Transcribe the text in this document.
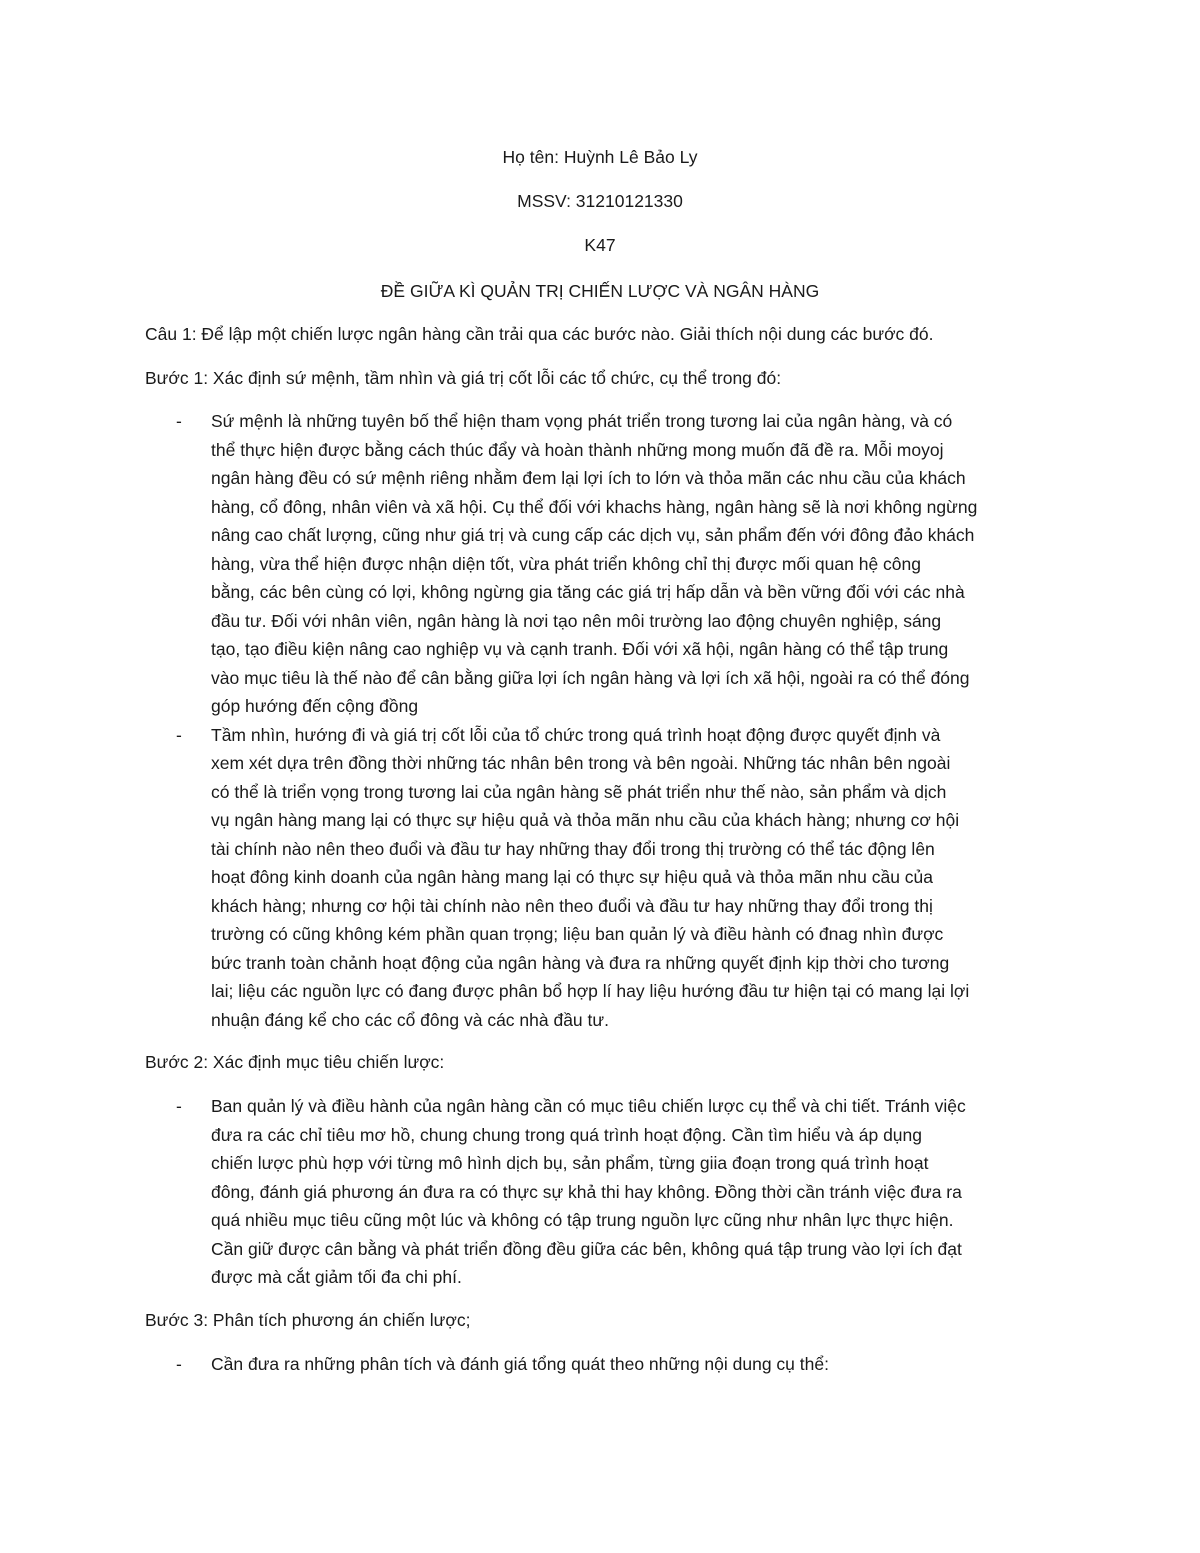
Họ tên: Huỳnh Lê Bảo Ly
MSSV: 31210121330
K47
ĐỀ GIỮA KÌ QUẢN TRỊ CHIẾN LƯỢC VÀ NGÂN HÀNG
Câu 1: Để lập một chiến lược ngân hàng cần trải qua các bước nào. Giải thích nội dung các bước đó.
Bước 1: Xác định sứ mệnh, tầm nhìn và giá trị cốt lỗi các tổ chức, cụ thể trong đó:
- Sứ mệnh là những tuyên bố thể hiện tham vọng phát triển trong tương lai của ngân hàng, và có
thể thực hiện được bằng cách thúc đẩy và hoàn thành những mong muốn đã đề ra. Mỗi moyoj
ngân hàng đều có sứ mệnh riêng nhằm đem lại lợi ích to lớn và thỏa mãn các nhu cầu của khách
hàng, cổ đông, nhân viên và xã hội. Cụ thể đối với khachs hàng, ngân hàng sẽ là nơi không ngừng
nâng cao chất lượng, cũng như giá trị và cung cấp các dịch vụ, sản phẩm đến với đông đảo khách
hàng, vừa thể hiện được nhận diện tốt, vừa phát triển không chỉ thị được mối quan hệ công
bằng, các bên cùng có lợi, không ngừng gia tăng các giá trị hấp dẫn và bền vững đối với các nhà
đầu tư. Đối với nhân viên, ngân hàng là nơi tạo nên môi trường lao động chuyên nghiệp, sáng
tạo, tạo điều kiện nâng cao nghiệp vụ và cạnh tranh. Đối với xã hội, ngân hàng có thể tập trung
vào mục tiêu là thế nào để cân bằng giữa lợi ích ngân hàng và lợi ích xã hội, ngoài ra có thể đóng
góp hướng đến cộng đồng
- Tầm nhìn, hướng đi và giá trị cốt lỗi của tổ chức trong quá trình hoạt động được quyết định và
xem xét dựa trên đồng thời những tác nhân bên trong và bên ngoài. Những tác nhân bên ngoài
có thể là triển vọng trong tương lai của ngân hàng sẽ phát triển như thế nào, sản phẩm và dịch
vụ ngân hàng mang lại có thực sự hiệu quả và thỏa mãn nhu cầu của khách hàng; nhưng cơ hội
tài chính nào nên theo đuổi và đầu tư hay những thay đổi trong thị trường có thể tác động lên
hoạt đông kinh doanh của ngân hàng mang lại có thực sự hiệu quả và thỏa mãn nhu cầu của
khách hàng; nhưng cơ hội tài chính nào nên theo đuổi và đầu tư hay những thay đổi trong thị
trường có cũng không kém phần quan trọng; liệu ban quản lý và điều hành có đnag nhìn được
bức tranh toàn chảnh hoạt động của ngân hàng và đưa ra những quyết định kịp thời cho tương
lai; liệu các nguồn lực có đang được phân bổ hợp lí hay liệu hướng đầu tư hiện tại có mang lại lợi
nhuận đáng kể cho các cổ đông và các nhà đầu tư.
Bước 2: Xác định mục tiêu chiến lược:
- Ban quản lý và điều hành của ngân hàng cần có mục tiêu chiến lược cụ thể và chi tiết. Tránh việc
đưa ra các chỉ tiêu mơ hồ, chung chung trong quá trình hoạt động. Cần tìm hiểu và áp dụng
chiến lược phù hợp với từng mô hình dịch bụ, sản phẩm, từng giia đoạn trong quá trình hoạt
đông, đánh giá phương án đưa ra có thực sự khả thi hay không. Đồng thời cần tránh việc đưa ra
quá nhiều mục tiêu cũng một lúc và không có tập trung nguồn lực cũng như nhân lực thực hiện.
Cần giữ được cân bằng và phát triển đồng đều giữa các bên, không quá tập trung vào lợi ích đạt
được mà cắt giảm tối đa chi phí.
Bước 3: Phân tích phương án chiến lược;
- Cần đưa ra những phân tích và đánh giá tổng quát theo những nội dung cụ thể:
